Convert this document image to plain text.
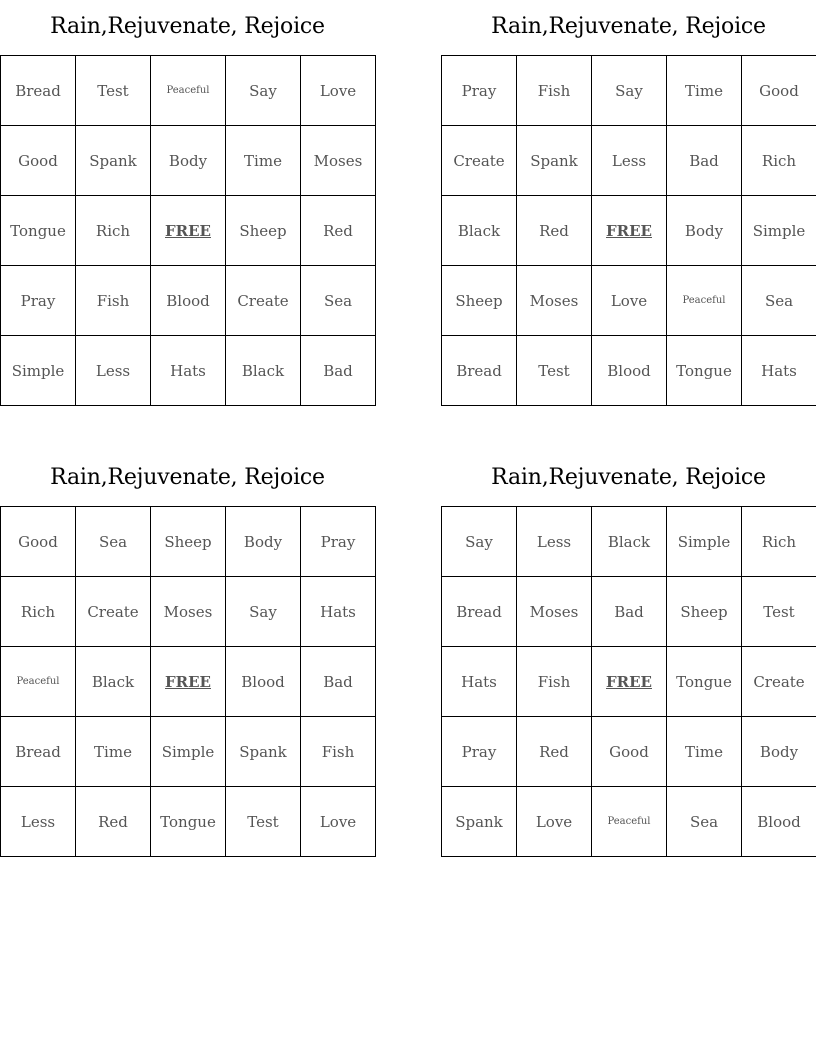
Rain,Rejuvenate, Rejoice
Bread	Test	Peaceful	Say	Love
Good	Spank	Body	Time	Moses
Tongue	Rich	FREE	Sheep	Red
Pray	Fish	Blood	Create	Sea
Simple	Less	Hats	Black	Bad
Rain,Rejuvenate, Rejoice
Pray	Fish	Say	Time	Good
Create	Spank	Less	Bad	Rich
Black	Red	FREE	Body	Simple
Sheep	Moses	Love	Peaceful	Sea
Bread	Test	Blood	Tongue	Hats
Rain,Rejuvenate, Rejoice
Good	Sea	Sheep	Body	Pray
Rich	Create	Moses	Say	Hats
Peaceful	Black	FREE	Blood	Bad
Bread	Time	Simple	Spank	Fish
Less	Red	Tongue	Test	Love
Rain,Rejuvenate, Rejoice
Say	Less	Black	Simple	Rich
Bread	Moses	Bad	Sheep	Test
Hats	Fish	FREE	Tongue	Create
Pray	Red	Good	Time	Body
Spank	Love	Peaceful	Sea	Blood
